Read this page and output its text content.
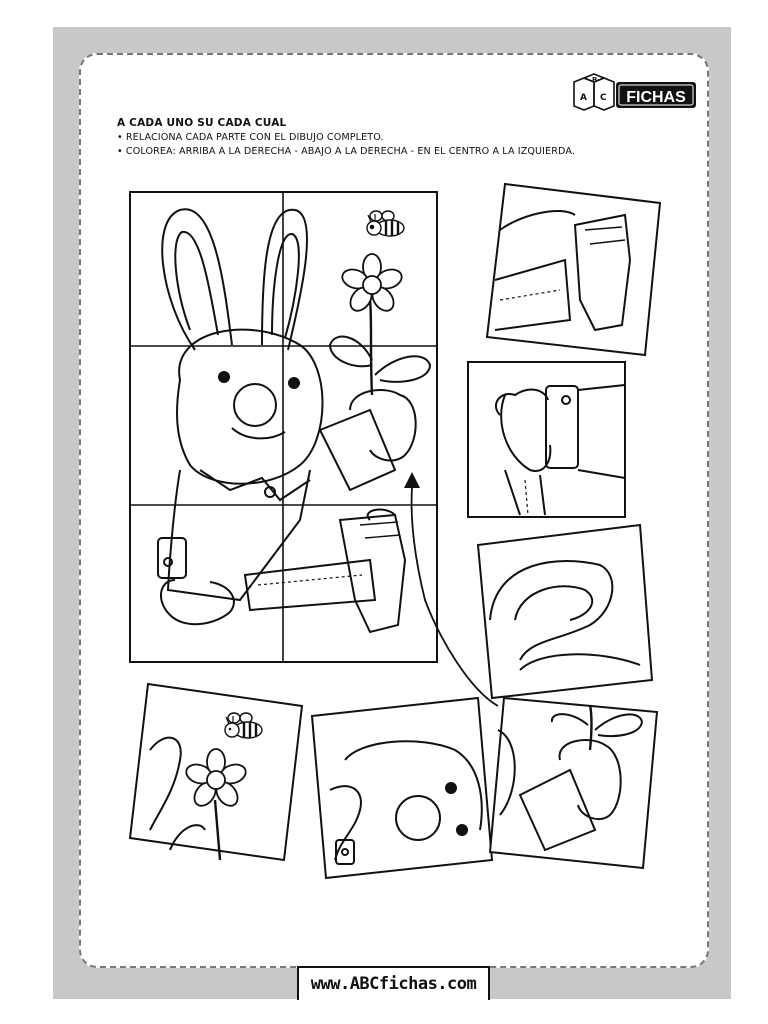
B
A C FICHAS
A CADA UNO SU CADA CUAL
• RELACIONA CADA PARTE CON EL DIBUJO COMPLETO.
• COLOREA: ARRIBA A LA DERECHA - ABAJO A LA DERECHA - EN EL CENTRO A LA IZQUIERDA.
www.ABCfichas.com
